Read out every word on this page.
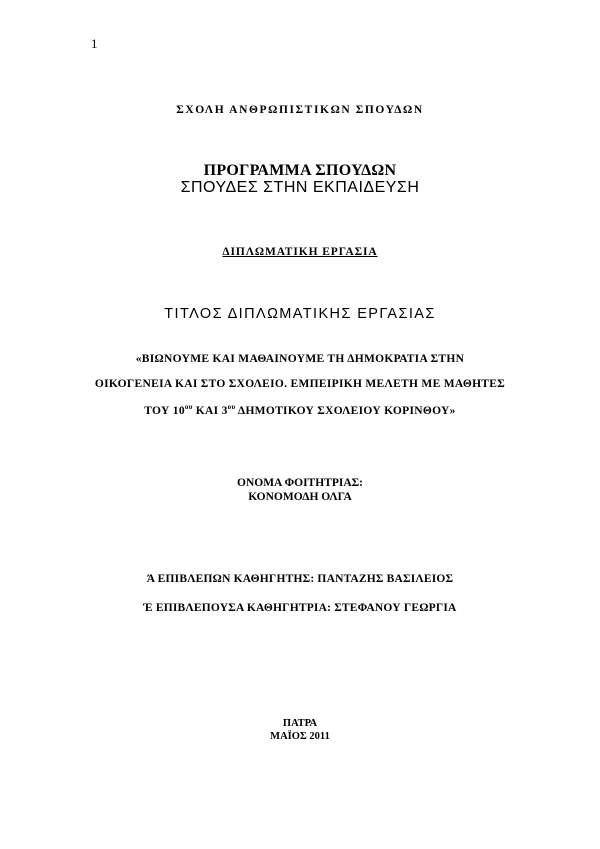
1
ΣΧΟΛΗ ΑΝΘΡΩΠΙΣΤΙΚΩΝ ΣΠΟΥΔΩΝ
ΠΡΟΓΡΑΜΜΑ ΣΠΟΥΔΩΝ
ΣΠΟΥΔΕΣ ΣΤΗΝ ΕΚΠΑΙΔΕΥΣΗ
ΔΙΠΛΩΜΑΤΙΚΗ ΕΡΓΑΣΙΑ
ΤΙΤΛΟΣ ΔΙΠΛΩΜΑΤΙΚΗΣ ΕΡΓΑΣΙΑΣ
«ΒΙΩΝΟΥΜΕ ΚΑΙ ΜΑΘΑΙΝΟΥΜΕ ΤΗ ΔΗΜΟΚΡΑΤΙΑ ΣΤΗΝ
ΟΙΚΟΓΕΝΕΙΑ ΚΑΙ ΣΤΟ ΣΧΟΛΕΙΟ. ΕΜΠΕΙΡΙΚΗ ΜΕΛΕΤΗ ΜΕ ΜΑΘΗΤΕΣ
ΤΟΥ $10^{o\upsilon}$ ΚΑΙ $3^{o\upsilon}$ ΔΗΜΟΤΙΚΟΥ ΣΧΟΛΕΙΟΥ ΚΟΡΙΝΘΟΥ»
ΟΝΟΜΑ ΦΟΙΤΗΤΡΙΑΣ:
ΚΟΝΟΜΟΔΗ ΟΛΓΑ
Ά ΕΠΙΒΛΕΠΩΝ ΚΑΘΗΓΗΤΗΣ: ΠΑΝΤΑΖΗΣ ΒΑΣΙΛΕΙΟΣ
Έ ΕΠΙΒΛΕΠΟΥΣΑ ΚΑΘΗΓΗΤΡΙΑ: ΣΤΕΦΑΝΟΥ ΓΕΩΡΓΙΑ
ΠΑΤΡΑ
ΜΑΪΟΣ 2011
